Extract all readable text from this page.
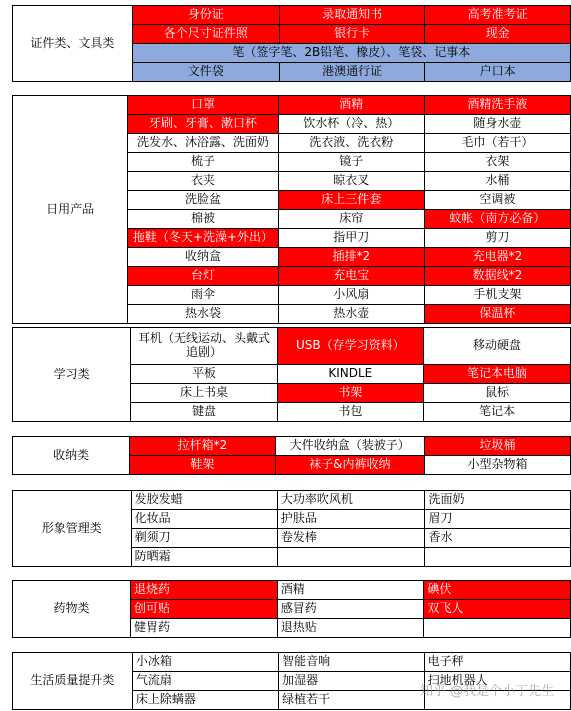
证件类、文具类	身份证	录取通知书	高考准考证
	各个尺寸证件照	银行卡	现金
	笔（签字笔、2B铅笔、橡皮）、笔袋、记事本		
	文件袋	港澳通行证	户口本
日用产品	口罩	酒精	酒精洗手液
	牙刷、牙膏、漱口杯	饮水杯（冷、热）	随身水壶
	洗发水、沐浴露、洗面奶	洗衣液、洗衣粉	毛巾（若干）
	梳子	镜子	衣架
	衣夹	晾衣叉	水桶
	洗脸盆	床上三件套	空调被
	棉被	床帘	蚊帐（南方必备）
	拖鞋（冬天+洗澡+外出）	指甲刀	剪刀
	收纳盒	插排*2	充电器*2
	台灯	充电宝	数据线*2
	雨伞	小风扇	手机支架
	热水袋	热水壶	保温杯
学习类	耳机（无线运动、头戴式追剧）	USB（存学习资料）	移动硬盘
	平板	KINDLE	笔记本电脑
	床上书桌	书架	鼠标
	键盘	书包	笔记本
收纳类	拉杆箱*2	大件收纳盒（装被子）	垃圾桶
	鞋架	袜子&内裤收纳	小型杂物箱
形象管理类	发胶发蜡	大功率吹风机	洗面奶
	化妆品	护肤品	眉刀
	剃须刀	卷发棒	香水
	防晒霜		
药物类	退烧药	酒精	碘伏
	创可贴	感冒药	双飞人
	健胃药	退热贴	
生活质量提升类	小冰箱	智能音响	电子秤
	气流扇	加湿器	扫地机器人
	床上除螨器	绿植若干	
知乎 @我是个小丁先生
